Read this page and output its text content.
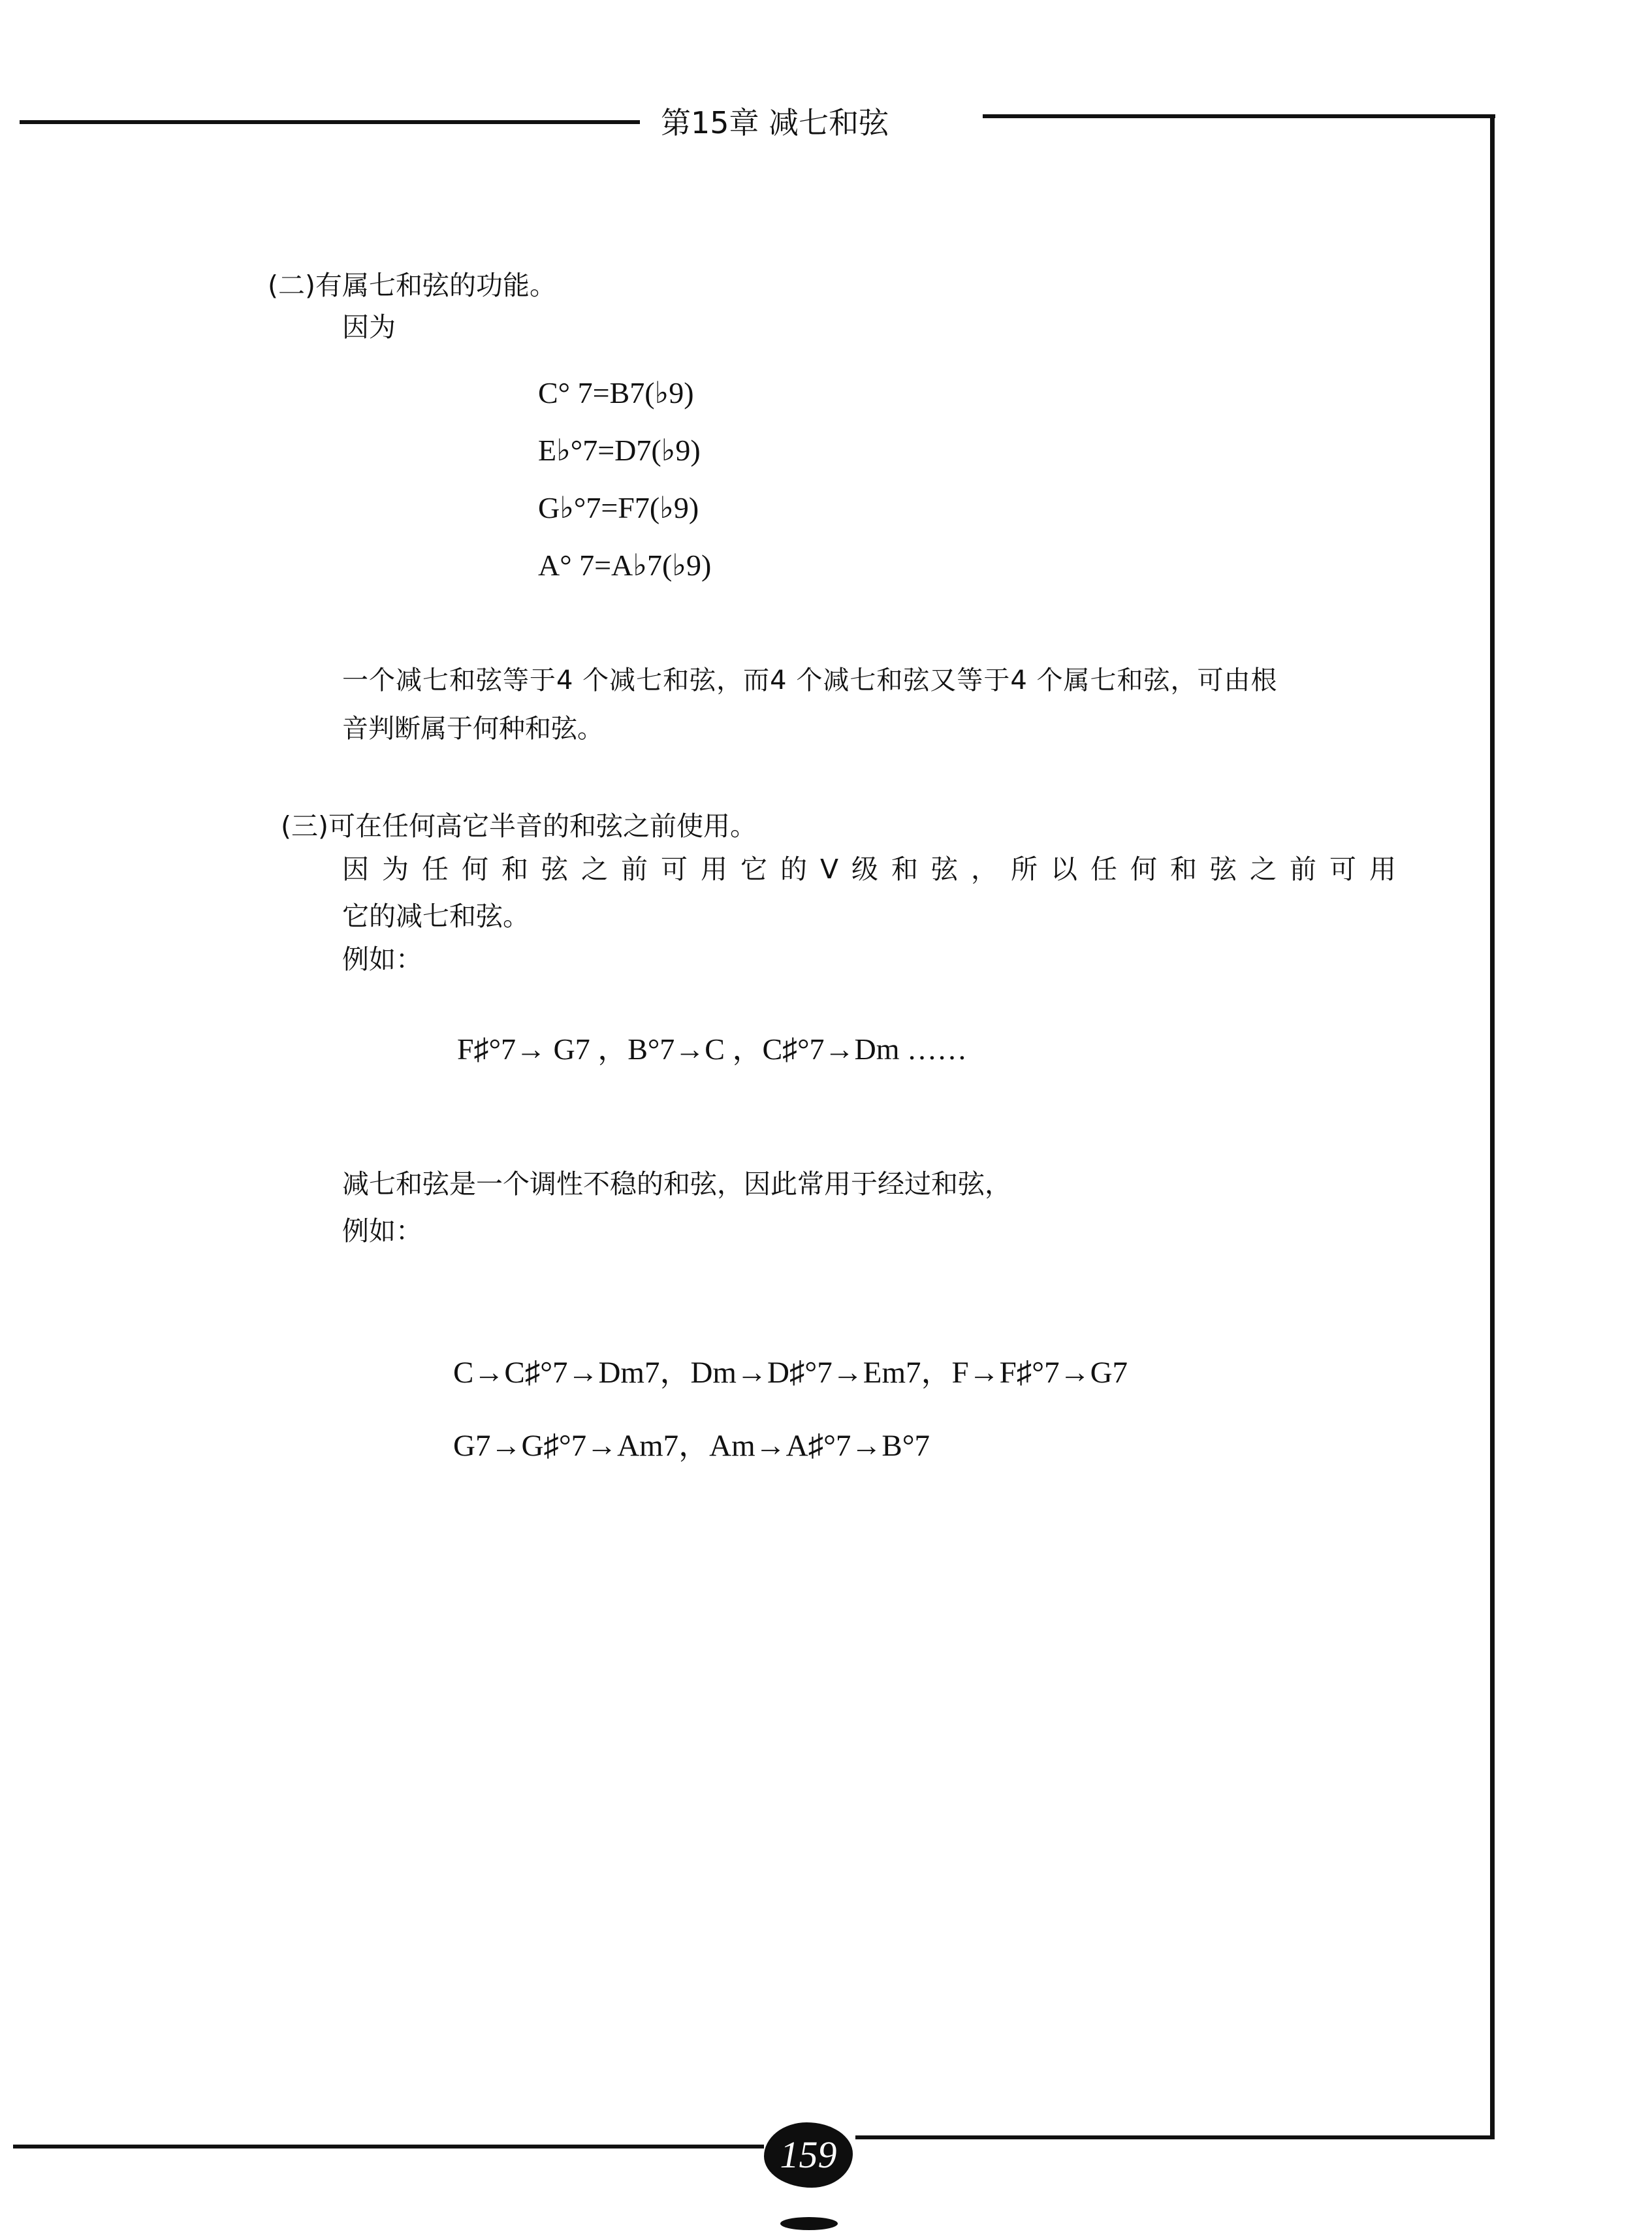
第15章 减七和弦
(二)有属七和弦的功能。
因为
C° 7=B7(♭9)
E♭°7=D7(♭9)
G♭°7=F7(♭9)
A° 7=A♭7(♭9)
一个减七和弦等于4 个减七和弦，而4 个减七和弦又等于4 个属七和弦，可由根
音判断属于何种和弦。
(三)可在任何高它半音的和弦之前使用。
因为任何和弦之前可用它的Ⅴ级和弦，所以任何和弦之前可用
它的减七和弦。
例如：
F♯°7→ G7 ，B°7→C ，C♯°7→Dm ……
减七和弦是一个调性不稳的和弦，因此常用于经过和弦，
例如：
C→C♯°7→Dm7，Dm→D♯°7→Em7，F→F♯°7→G7
G7→G♯°7→Am7，Am→A♯°7→B°7
159
